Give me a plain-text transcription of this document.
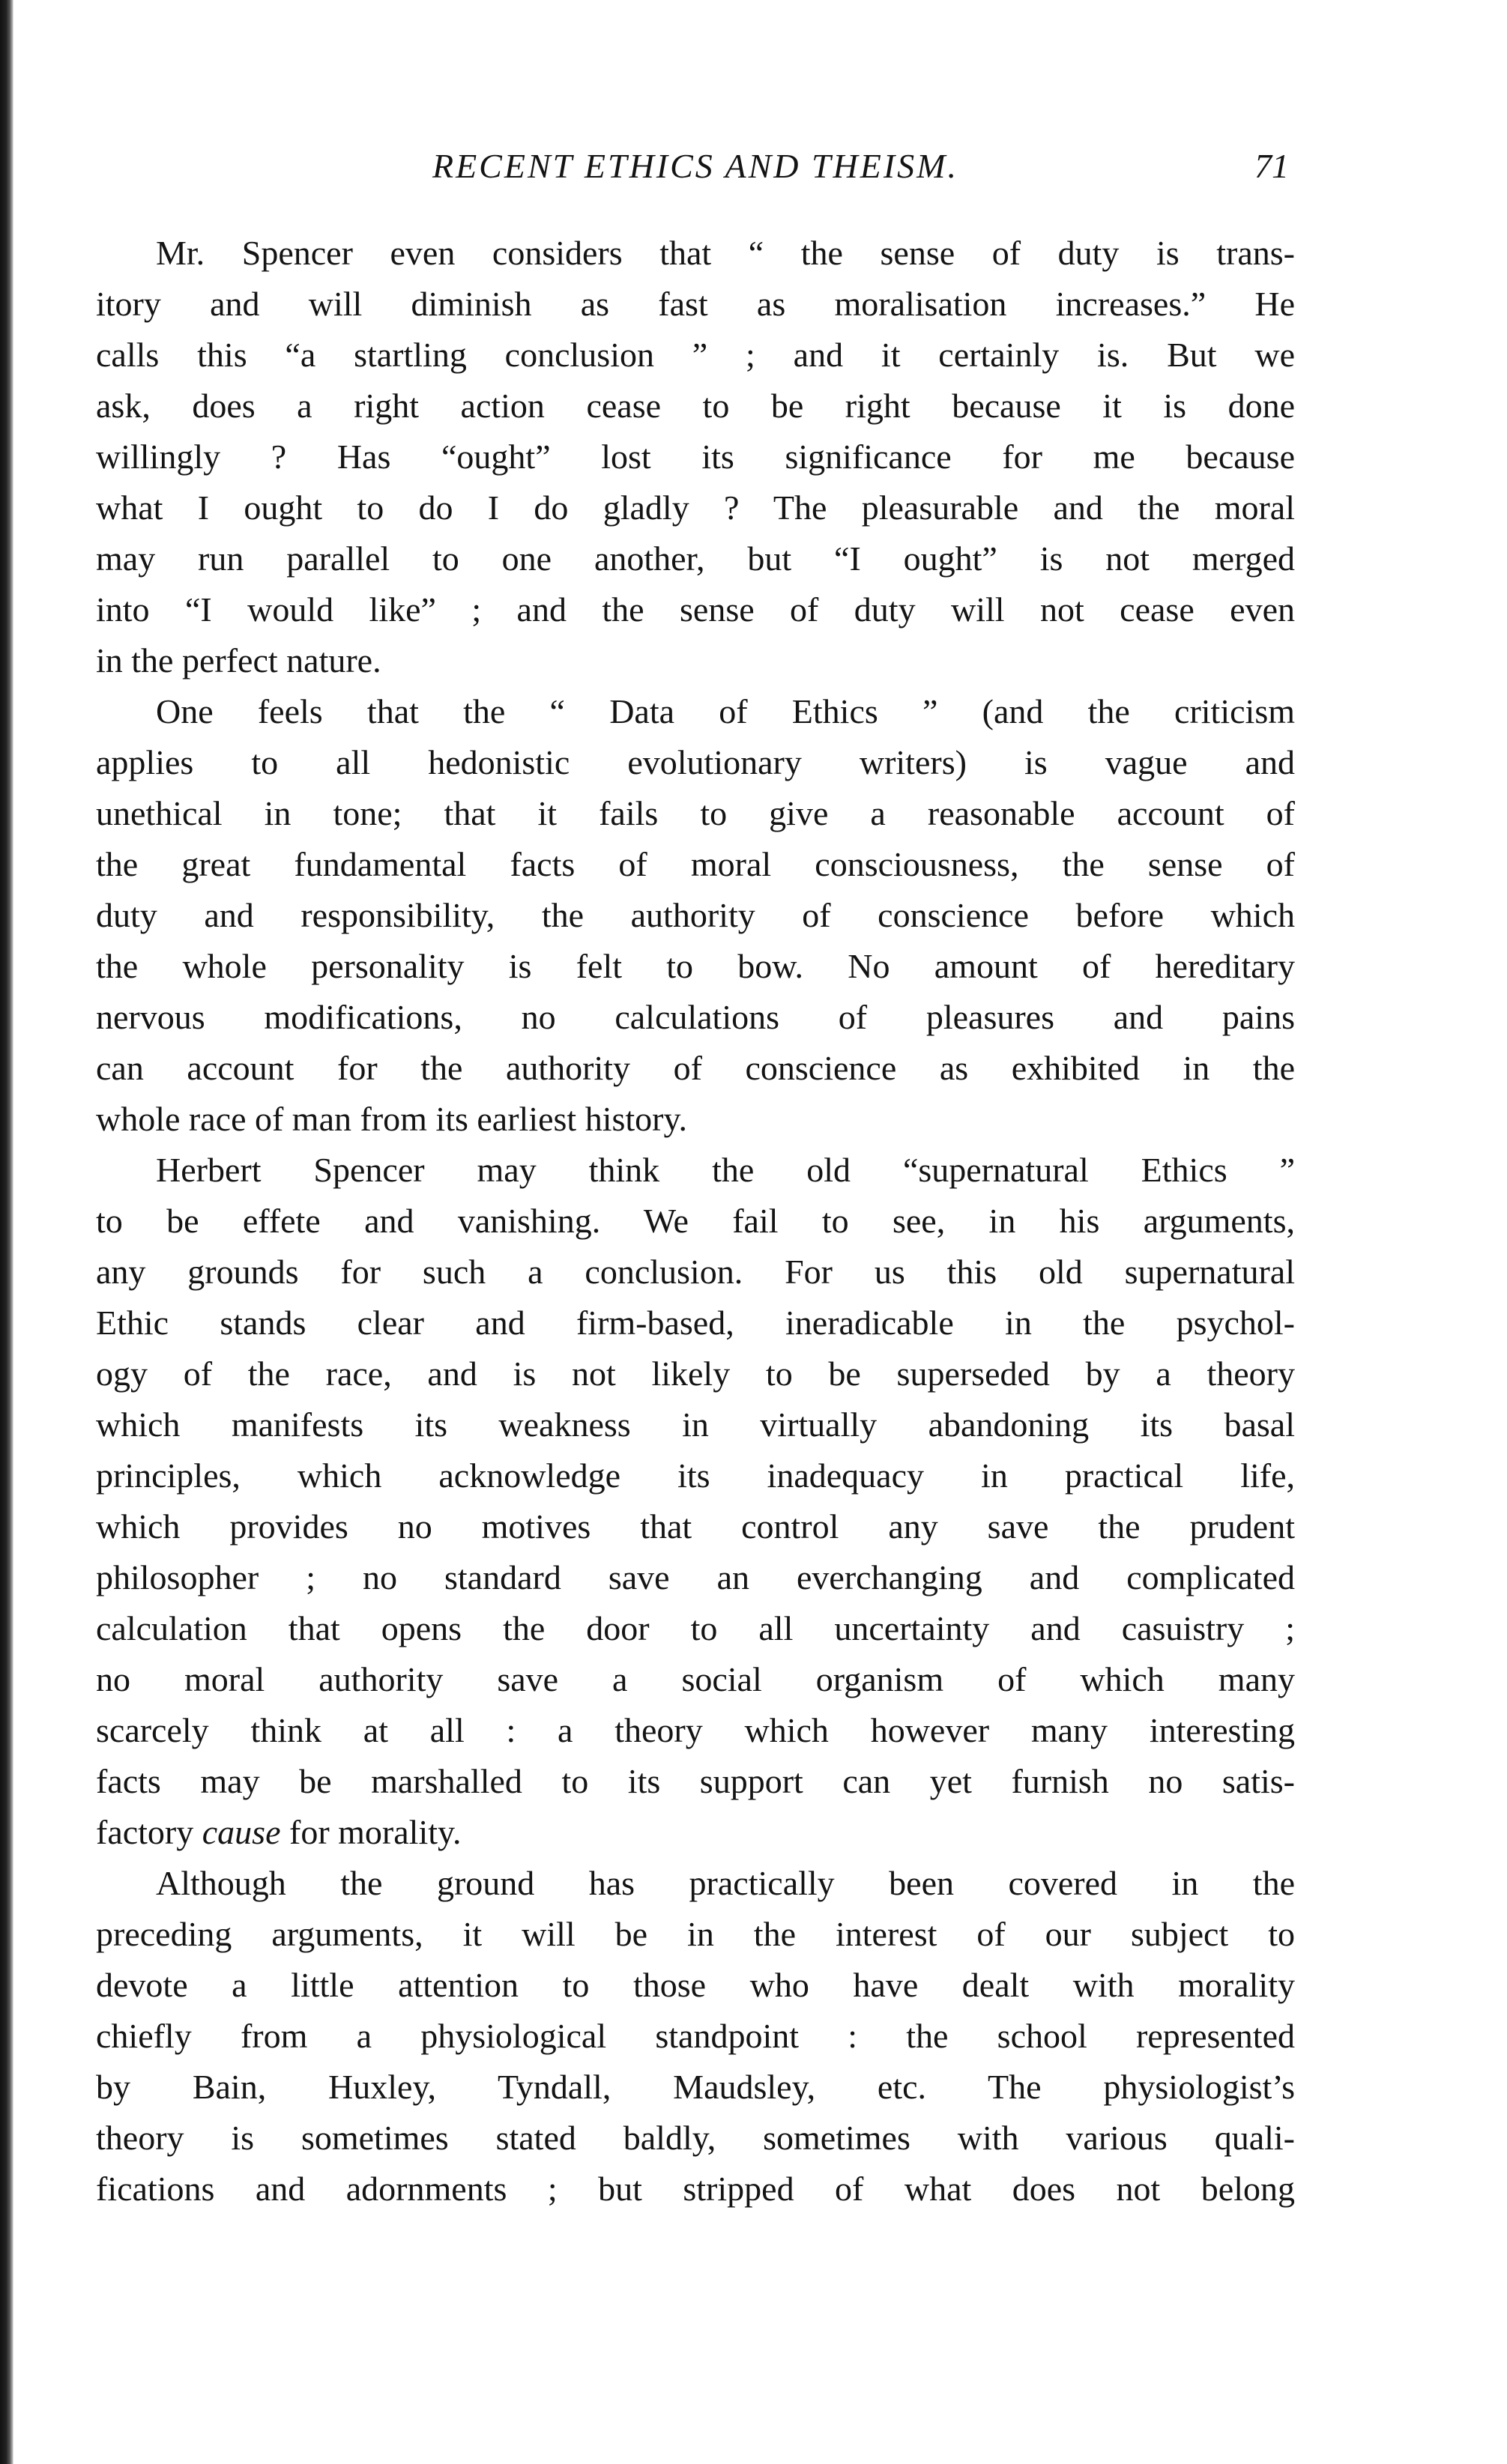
RECENT ETHICS AND THEISM.	71
Mr. Spencer even considers that “ the sense of duty is trans-
itory and will diminish as fast as moralisation increases.” He
calls this “a startling conclusion ” ; and it certainly is. But we
ask, does a right action cease to be right because it is done
willingly ? Has “ought” lost its significance for me because
what I ought to do I do gladly ? The pleasurable and the moral
may run parallel to one another, but “I ought” is not merged
into “I would like” ; and the sense of duty will not cease even
in the perfect nature.
One feels that the “ Data of Ethics ” (and the criticism
applies to all hedonistic evolutionary writers) is vague and
unethical in tone; that it fails to give a reasonable account of
the great fundamental facts of moral consciousness, the sense of
duty and responsibility, the authority of conscience before which
the whole personality is felt to bow. No amount of hereditary
nervous modifications, no calculations of pleasures and pains
can account for the authority of conscience as exhibited in the
whole race of man from its earliest history.
Herbert Spencer may think the old “supernatural Ethics ”
to be effete and vanishing. We fail to see, in his arguments,
any grounds for such a conclusion. For us this old supernatural
Ethic stands clear and firm-based, ineradicable in the psychol-
ogy of the race, and is not likely to be superseded by a theory
which manifests its weakness in virtually abandoning its basal
principles, which acknowledge its inadequacy in practical life,
which provides no motives that control any save the prudent
philosopher ; no standard save an everchanging and complicated
calculation that opens the door to all uncertainty and casuistry ;
no moral authority save a social organism of which many
scarcely think at all : a theory which however many interesting
facts may be marshalled to its support can yet furnish no satis-
factory cause for morality.
Although the ground has practically been covered in the
preceding arguments, it will be in the interest of our subject to
devote a little attention to those who have dealt with morality
chiefly from a physiological standpoint : the school represented
by Bain, Huxley, Tyndall, Maudsley, etc. The physiologist’s
theory is sometimes stated baldly, sometimes with various quali-
fications and adornments ; but stripped of what does not belong
